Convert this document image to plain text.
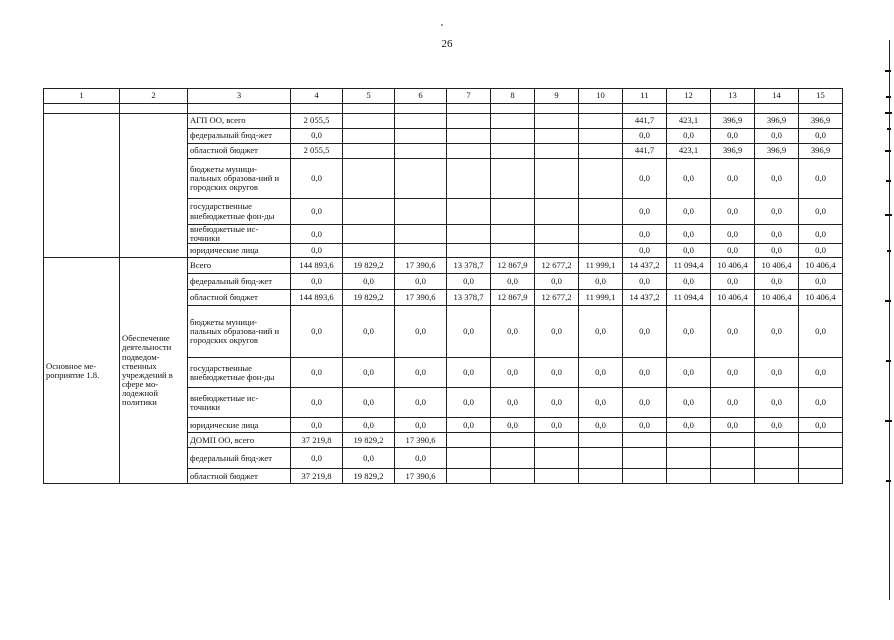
26
1	2	3	4	5	6	7	8	9	10	11	12	13	14	15

		АГП ОО, всего	2 055,5							441,7	423,1	396,9	396,9	396,9
		федеральный бюд-жет	0,0							0,0	0,0	0,0	0,0	0,0
		областной бюджет	2 055,5							441,7	423,1	396,9	396,9	396,9
		бюджеты муници-пальных образова-ний и городских округов	0,0							0,0	0,0	0,0	0,0	0,0
		государственные внебюджетные фон-ды	0,0							0,0	0,0	0,0	0,0	0,0
		внебюджетные ис-точники	0,0							0,0	0,0	0,0	0,0	0,0
		юридические лица	0,0							0,0	0,0	0,0	0,0	0,0
Основное ме-роприятие 1.8.	Обеспечение деятельности подведом-ственных учреждений в сфере мо-лодежной политики	Всего	144 893,6	19 829,2	17 390,6	13 378,7	12 867,9	12 677,2	11 999,1	14 437,2	11 094,4	10 406,4	10 406,4	10 406,4
		федеральный бюд-жет	0,0	0,0	0,0	0,0	0,0	0,0	0,0	0,0	0,0	0,0	0,0	0,0
		областной бюджет	144 893,6	19 829,2	17 390,6	13 378,7	12 867,9	12 677,2	11 999,1	14 437,2	11 094,4	10 406,4	10 406,4	10 406,4
		бюджеты муници-пальных образова-ний и городских округов	0,0	0,0	0,0	0,0	0,0	0,0	0,0	0,0	0,0	0,0	0,0	0,0
		государственные внебюджетные фон-ды	0,0	0,0	0,0	0,0	0,0	0,0	0,0	0,0	0,0	0,0	0,0	0,0
		внебюджетные ис-точники	0,0	0,0	0,0	0,0	0,0	0,0	0,0	0,0	0,0	0,0	0,0	0,0
		юридические лица	0,0	0,0	0,0	0,0	0,0	0,0	0,0	0,0	0,0	0,0	0,0	0,0
		ДОМП ОО, всего	37 219,8	19 829,2	17 390,6									
		федеральный бюд-жет	0,0	0,0	0,0									
		областной бюджет	37 219,8	19 829,2	17 390,6									
